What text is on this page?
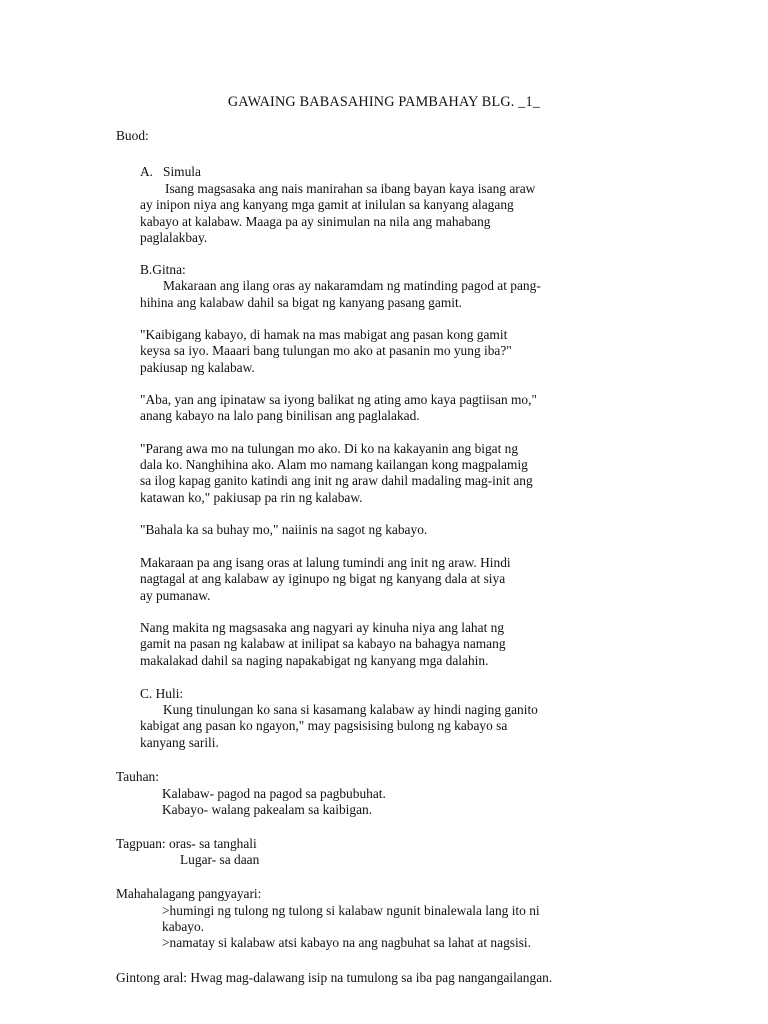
GAWAING BABASAHING PAMBAHAY BLG. _1_
Buod:
A. Simula
Isang magsasaka ang nais manirahan sa ibang bayan kaya isang araw
ay inipon niya ang kanyang mga gamit at inilulan sa kanyang alagang
kabayo at kalabaw. Maaga pa ay sinimulan na nila ang mahabang
paglalakbay.
B.Gitna:
Makaraan ang ilang oras ay nakaramdam ng matinding pagod at pang-
hihina ang kalabaw dahil sa bigat ng kanyang pasang gamit.
"Kaibigang kabayo, di hamak na mas mabigat ang pasan kong gamit
keysa sa iyo. Maaari bang tulungan mo ako at pasanin mo yung iba?"
pakiusap ng kalabaw.
"Aba, yan ang ipinataw sa iyong balikat ng ating amo kaya pagtiisan mo,"
anang kabayo na lalo pang binilisan ang paglalakad.
"Parang awa mo na tulungan mo ako. Di ko na kakayanin ang bigat ng
dala ko. Nanghihina ako. Alam mo namang kailangan kong magpalamig
sa ilog kapag ganito katindi ang init ng araw dahil madaling mag-init ang
katawan ko," pakiusap pa rin ng kalabaw.
"Bahala ka sa buhay mo," naiinis na sagot ng kabayo.
Makaraan pa ang isang oras at lalung tumindi ang init ng araw. Hindi
nagtagal at ang kalabaw ay iginupo ng bigat ng kanyang dala at siya
ay pumanaw.
Nang makita ng magsasaka ang nagyari ay kinuha niya ang lahat ng
gamit na pasan ng kalabaw at inilipat sa kabayo na bahagya namang
makalakad dahil sa naging napakabigat ng kanyang mga dalahin.
C. Huli:
Kung tinulungan ko sana si kasamang kalabaw ay hindi naging ganito
kabigat ang pasan ko ngayon," may pagsisising bulong ng kabayo sa
kanyang sarili.
Tauhan:
Kalabaw- pagod na pagod sa pagbubuhat.
Kabayo- walang pakealam sa kaibigan.
Tagpuan: oras- sa tanghali
Lugar- sa daan
Mahahalagang pangyayari:
>humingi ng tulong ng tulong si kalabaw ngunit binalewala lang ito ni
kabayo.
>namatay si kalabaw atsi kabayo na ang nagbuhat sa lahat at nagsisi.
Gintong aral: Hwag mag-dalawang isip na tumulong sa iba pag nangangailangan.
